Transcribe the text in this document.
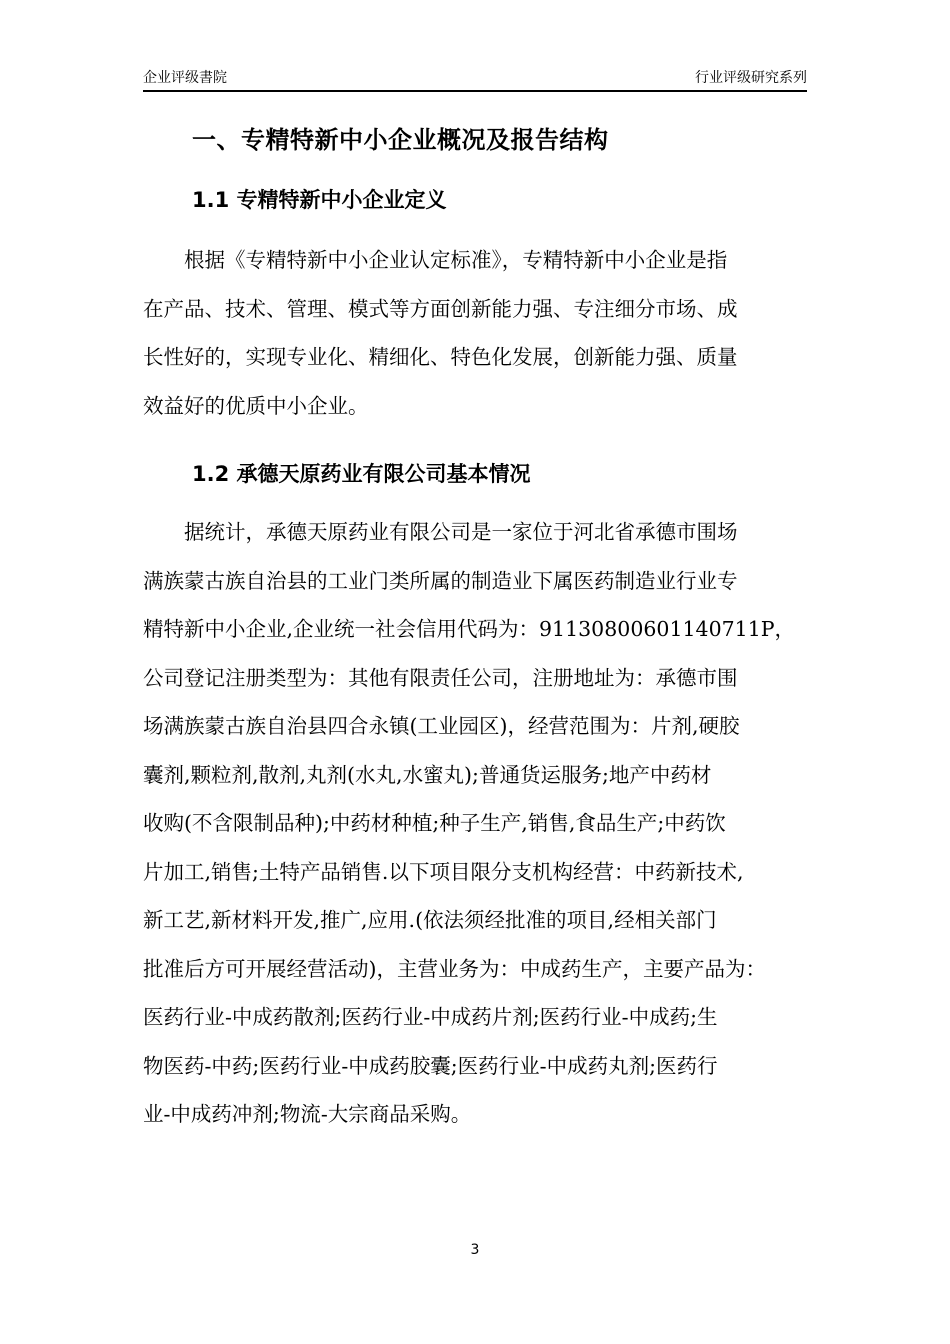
企业评级書院	行业评级研究系列
一、专精特新中小企业概况及报告结构
1.1 专精特新中小企业定义
　　根据《专精特新中小企业认定标准》，专精特新中小企业是指
在产品、技术、管理、模式等方面创新能力强、专注细分市场、成
长性好的，实现专业化、精细化、特色化发展，创新能力强、质量
效益好的优质中小企业。
1.2 承德天原药业有限公司基本情况
　　据统计，承德天原药业有限公司是一家位于河北省承德市围场
满族蒙古族自治县的工业门类所属的制造业下属医药制造业行业专
精特新中小企业,企业统一社会信用代码为：91130800601140711P，
公司登记注册类型为：其他有限责任公司，注册地址为：承德市围
场满族蒙古族自治县四合永镇(工业园区)，经营范围为：片剂,硬胶
囊剂,颗粒剂,散剂,丸剂(水丸,水蜜丸);普通货运服务;地产中药材
收购(不含限制品种);中药材种植;种子生产,销售,食品生产;中药饮
片加工,销售;土特产品销售.以下项目限分支机构经营：中药新技术,
新工艺,新材料开发,推广,应用.(依法须经批准的项目,经相关部门
批准后方可开展经营活动)，主营业务为：中成药生产，主要产品为：
医药行业-中成药散剂;医药行业-中成药片剂;医药行业-中成药;生
物医药-中药;医药行业-中成药胶囊;医药行业-中成药丸剂;医药行
业-中成药冲剂;物流-大宗商品采购。
3
